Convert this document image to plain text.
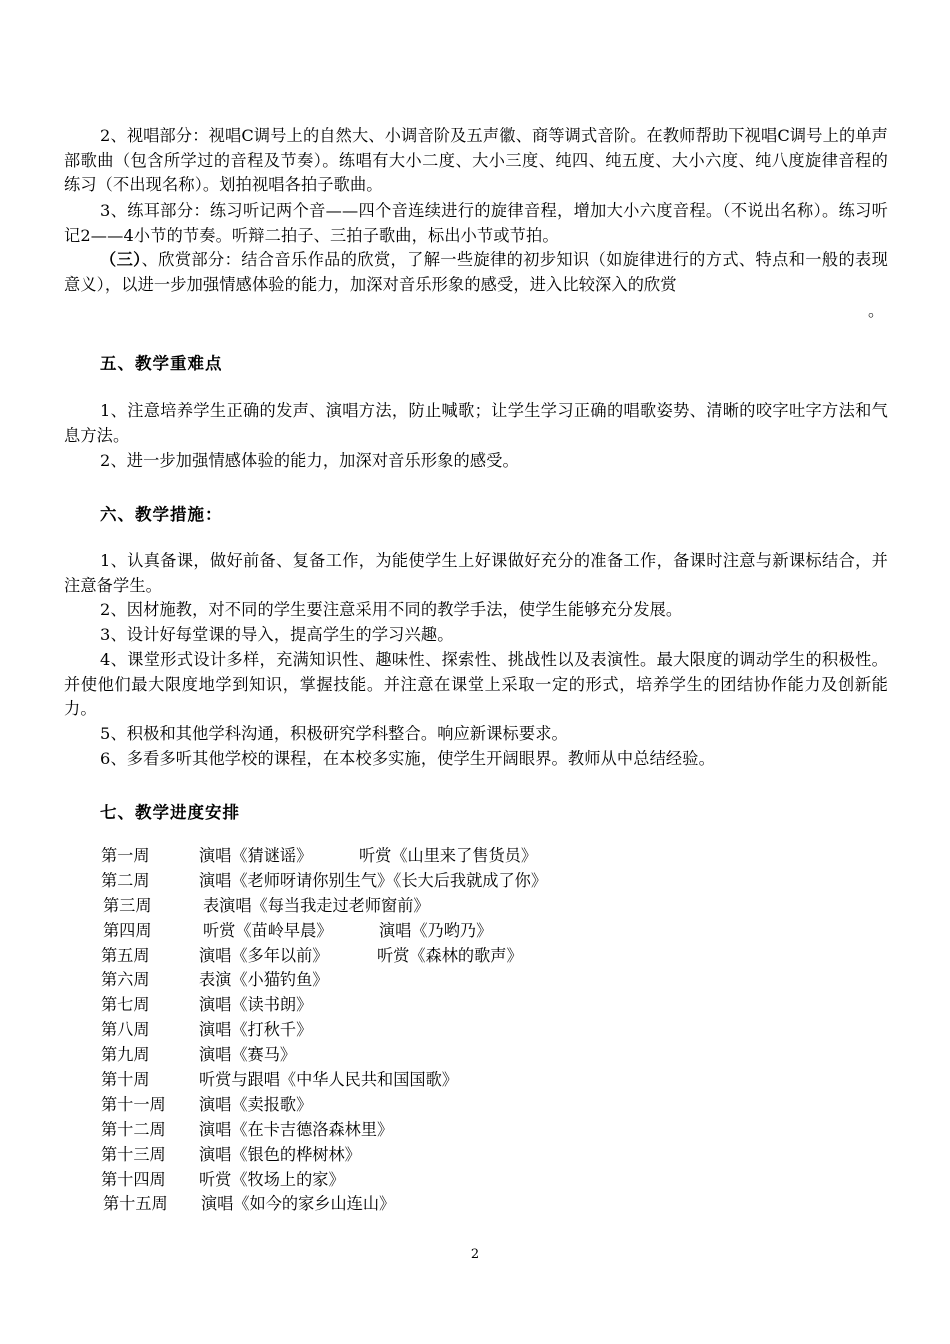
2、视唱部分：视唱C调号上的自然大、小调音阶及五声徽、商等调式音阶。在教师帮助下视唱C调号上的单声部歌曲（包含所学过的音程及节奏）。练唱有大小二度、大小三度、纯四、纯五度、大小六度、纯八度旋律音程的练习（不出现名称）。划拍视唱各拍子歌曲。

3、练耳部分：练习听记两个音——四个音连续进行的旋律音程，增加大小六度音程。（不说出名称）。练习听记2——4小节的节奏。听辩二拍子、三拍子歌曲，标出小节或节拍。

（三）、欣赏部分：结合音乐作品的欣赏，了解一些旋律的初步知识（如旋律进行的方式、特点和一般的表现意义），以进一步加强情感体验的能力，加深对音乐形象的感受，进入比较深入的欣赏

。

五、教学重难点

1、注意培养学生正确的发声、演唱方法，防止喊歌；让学生学习正确的唱歌姿势、清晰的咬字吐字方法和气息方法。

2、进一步加强情感体验的能力，加深对音乐形象的感受。

六、教学措施：

1、认真备课，做好前备、复备工作，为能使学生上好课做好充分的准备工作，备课时注意与新课标结合，并注意备学生。

2、因材施教，对不同的学生要注意采用不同的教学手法，使学生能够充分发展。

3、设计好每堂课的导入，提高学生的学习兴趣。

4、课堂形式设计多样，充满知识性、趣味性、探索性、挑战性以及表演性。最大限度的调动学生的积极性。并使他们最大限度地学到知识，掌握技能。并注意在课堂上采取一定的形式，培养学生的团结协作能力及创新能力。

5、积极和其他学科沟通，积极研究学科整合。响应新课标要求。

6、多看多听其他学校的课程，在本校多实施，使学生开阔眼界。教师从中总结经验。

七、教学进度安排

第一周	演唱《猜谜谣》	听赏《山里来了售货员》
第二周	演唱《老师呀请你别生气》《长大后我就成了你》
第三周	表演唱《每当我走过老师窗前》
第四周	听赏《苗岭早晨》	演唱《乃哟乃》
第五周	演唱《多年以前》	听赏《森林的歌声》
第六周	表演《小猫钓鱼》
第七周	演唱《读书朗》
第八周	演唱《打秋千》
第九周	演唱《赛马》
第十周	听赏与跟唱《中华人民共和国国歌》
第十一周 演唱《卖报歌》
第十二周 演唱《在卡吉德洛森林里》
第十三周 演唱《银色的桦树林》
第十四周 听赏《牧场上的家》
第十五周 演唱《如今的家乡山连山》
2
